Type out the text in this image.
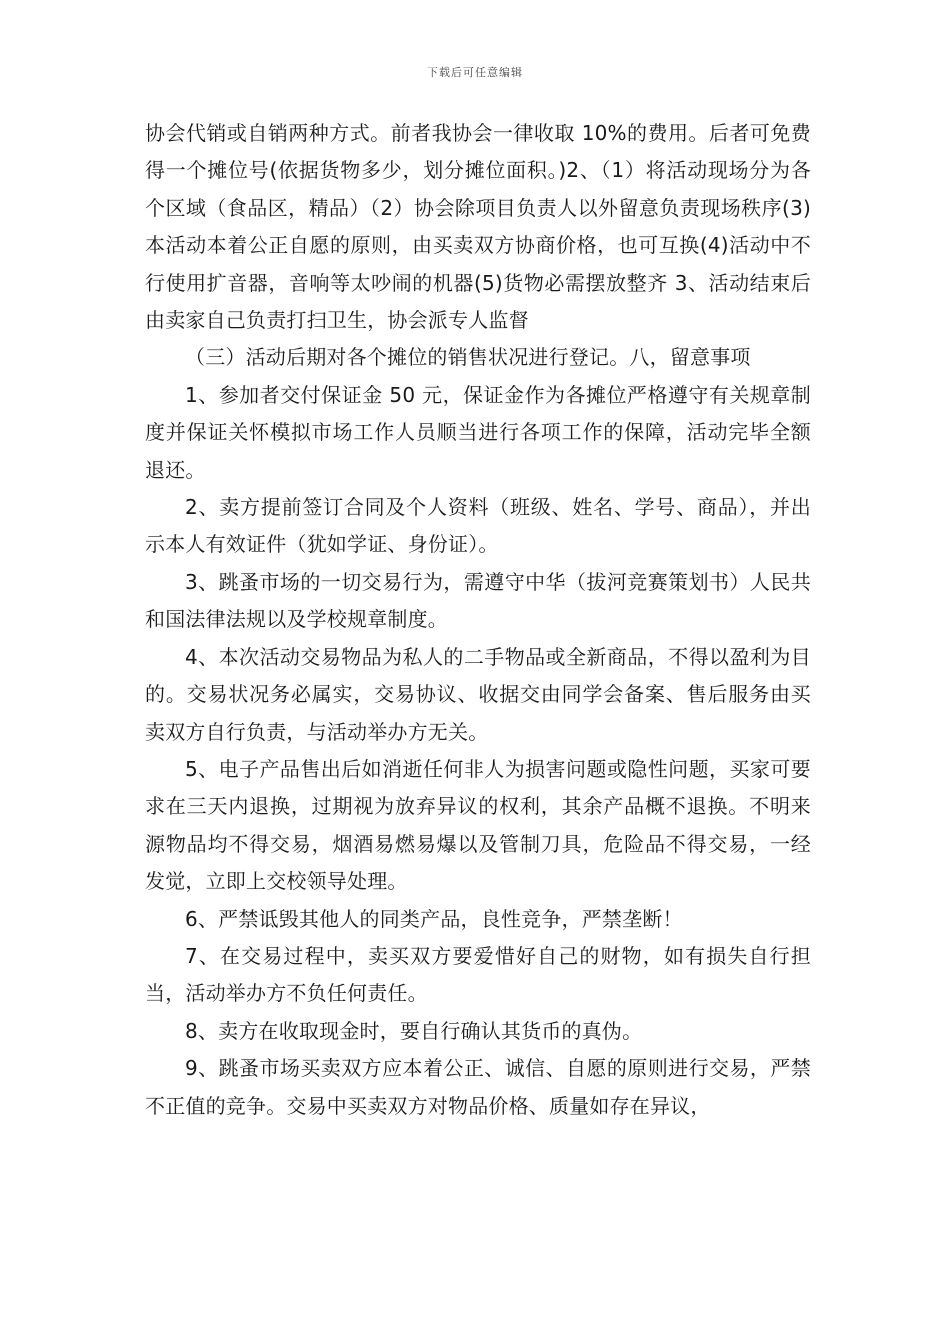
下载后可任意编辑

协会代销或自销两种方式。前者我协会一律收取 10%的费用。后者可免费得一个摊位号(依据货物多少，划分摊位面积。)2、（1）将活动现场分为各个区域（食品区，精品）（2）协会除项目负责人以外留意负责现场秩序(3)本活动本着公正自愿的原则，由买卖双方协商价格，也可互换(4)活动中不行使用扩音器，音响等太吵闹的机器(5)货物必需摆放整齐 3、活动结束后由卖家自己负责打扫卫生，协会派专人监督

（三）活动后期对各个摊位的销售状况进行登记。八，留意事项

1、参加者交付保证金 50 元，保证金作为各摊位严格遵守有关规章制度并保证关怀模拟市场工作人员顺当进行各项工作的保障，活动完毕全额退还。

2、卖方提前签订合同及个人资料（班级、姓名、学号、商品），并出示本人有效证件（犹如学证、身份证）。

3、跳蚤市场的一切交易行为，需遵守中华（拔河竞赛策划书）人民共和国法律法规以及学校规章制度。

4、本次活动交易物品为私人的二手物品或全新商品，不得以盈利为目的。交易状况务必属实，交易协议、收据交由同学会备案、售后服务由买卖双方自行负责，与活动举办方无关。

5、电子产品售出后如消逝任何非人为损害问题或隐性问题，买家可要求在三天内退换，过期视为放弃异议的权利，其余产品概不退换。不明来源物品均不得交易，烟酒易燃易爆以及管制刀具，危险品不得交易，一经发觉，立即上交校领导处理。

6、严禁诋毁其他人的同类产品，良性竞争，严禁垄断！

7、在交易过程中，卖买双方要爱惜好自己的财物，如有损失自行担当，活动举办方不负任何责任。

8、卖方在收取现金时，要自行确认其货币的真伪。

9、跳蚤市场买卖双方应本着公正、诚信、自愿的原则进行交易，严禁不正值的竞争。交易中买卖双方对物品价格、质量如存在异议，
